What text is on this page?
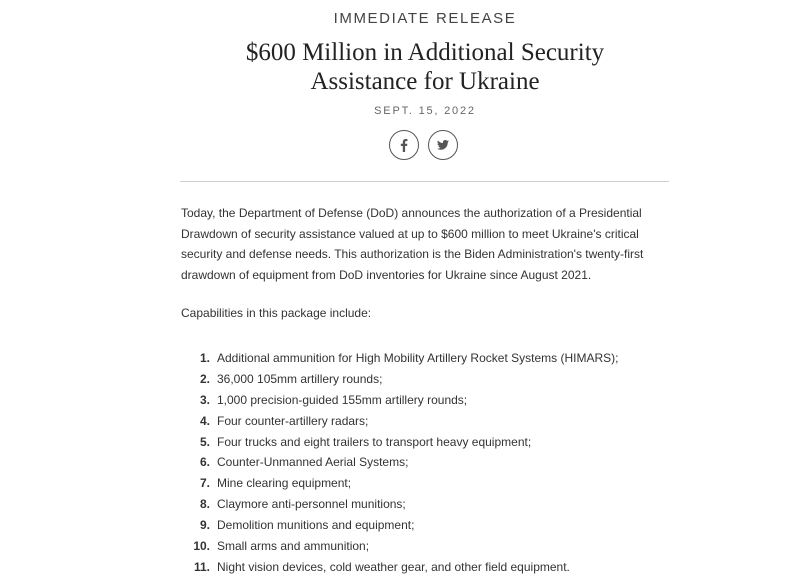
IMMEDIATE RELEASE
$600 Million in Additional Security
Assistance for Ukraine
SEPT. 15, 2022

Today, the Department of Defense (DoD) announces the authorization of a Presidential
Drawdown of security assistance valued at up to $600 million to meet Ukraine's critical
security and defense needs. This authorization is the Biden Administration's twenty-first
drawdown of equipment from DoD inventories for Ukraine since August 2021.

Capabilities in this package include:

1. Additional ammunition for High Mobility Artillery Rocket Systems (HIMARS);
2. 36,000 105mm artillery rounds;
3. 1,000 precision-guided 155mm artillery rounds;
4. Four counter-artillery radars;
5. Four trucks and eight trailers to transport heavy equipment;
6. Counter-Unmanned Aerial Systems;
7. Mine clearing equipment;
8. Claymore anti-personnel munitions;
9. Demolition munitions and equipment;
10. Small arms and ammunition;
11. Night vision devices, cold weather gear, and other field equipment.
